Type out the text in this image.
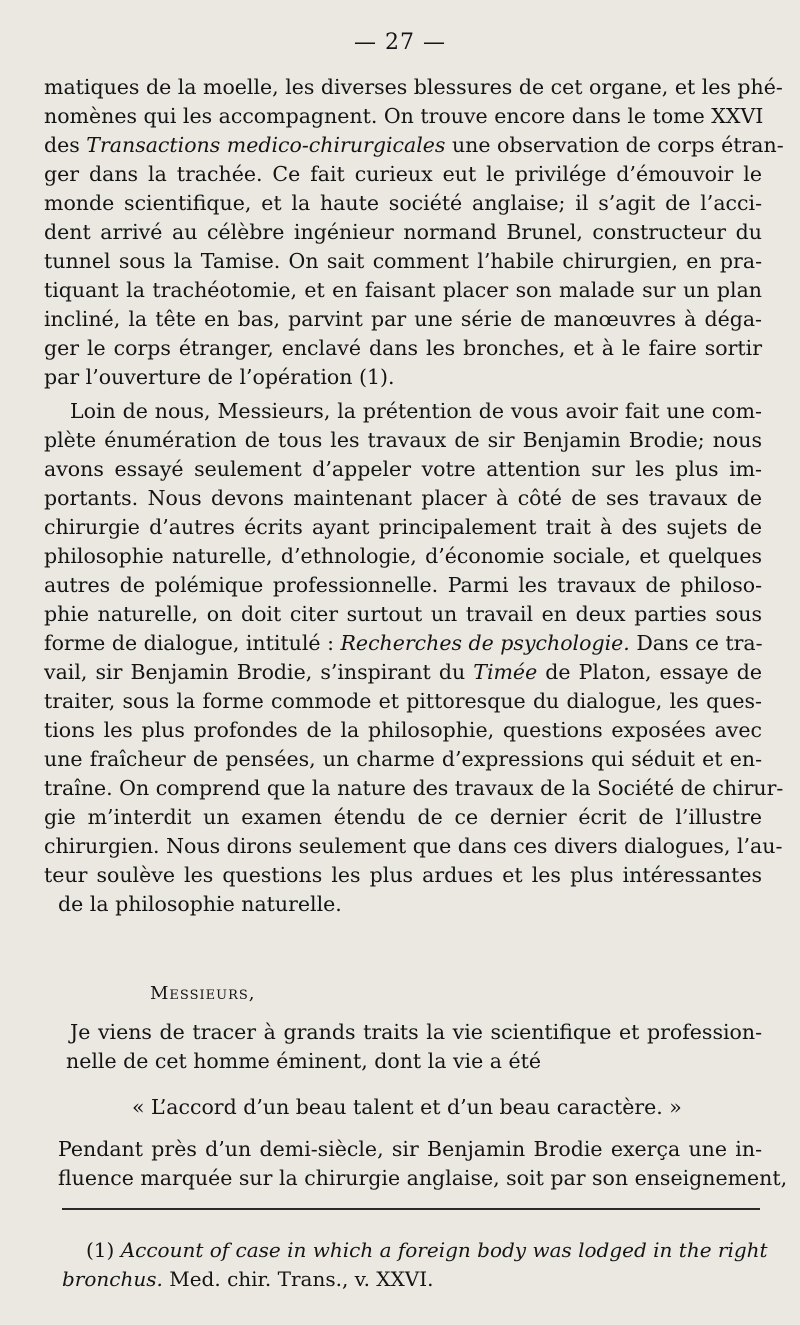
— 27 —
matiques de la moelle, les diverses blessures de cet organe, et les phé-
nomènes qui les accompagnent. On trouve encore dans le tome XXVI
des Transactions medico-chirurgicales une observation de corps étran-
ger dans la trachée. Ce fait curieux eut le privilége d’émouvoir le
monde scientifique, et la haute société anglaise; il s’agit de l’acci-
dent arrivé au célèbre ingénieur normand Brunel, constructeur du
tunnel sous la Tamise. On sait comment l’habile chirurgien, en pra-
tiquant la trachéotomie, et en faisant placer son malade sur un plan
incliné, la tête en bas, parvint par une série de manœuvres à déga-
ger le corps étranger, enclavé dans les bronches, et à le faire sortir
par l’ouverture de l’opération (1).
Loin de nous, Messieurs, la prétention de vous avoir fait une com-
plète énumération de tous les travaux de sir Benjamin Brodie; nous
avons essayé seulement d’appeler votre attention sur les plus im-
portants. Nous devons maintenant placer à côté de ses travaux de
chirurgie d’autres écrits ayant principalement trait à des sujets de
philosophie naturelle, d’ethnologie, d’économie sociale, et quelques
autres de polémique professionnelle. Parmi les travaux de philoso-
phie naturelle, on doit citer surtout un travail en deux parties sous
forme de dialogue, intitulé : Recherches de psychologie. Dans ce tra-
vail, sir Benjamin Brodie, s’inspirant du Timée de Platon, essaye de
traiter, sous la forme commode et pittoresque du dialogue, les ques-
tions les plus profondes de la philosophie, questions exposées avec
une fraîcheur de pensées, un charme d’expressions qui séduit et en-
traîne. On comprend que la nature des travaux de la Société de chirur-
gie m’interdit un examen étendu de ce dernier écrit de l’illustre
chirurgien. Nous dirons seulement que dans ces divers dialogues, l’au-
teur soulève les questions les plus ardues et les plus intéressantes
de la philosophie naturelle.
Messieurs,
Je viens de tracer à grands traits la vie scientifique et profession-
nelle de cet homme éminent, dont la vie a été
« L’accord d’un beau talent et d’un beau caractère. »
Pendant près d’un demi-siècle, sir Benjamin Brodie exerça une in-
fluence marquée sur la chirurgie anglaise, soit par son enseignement,
(1) Account of case in which a foreign body was lodged in the right
bronchus. Med. chir. Trans., v. XXVI.
